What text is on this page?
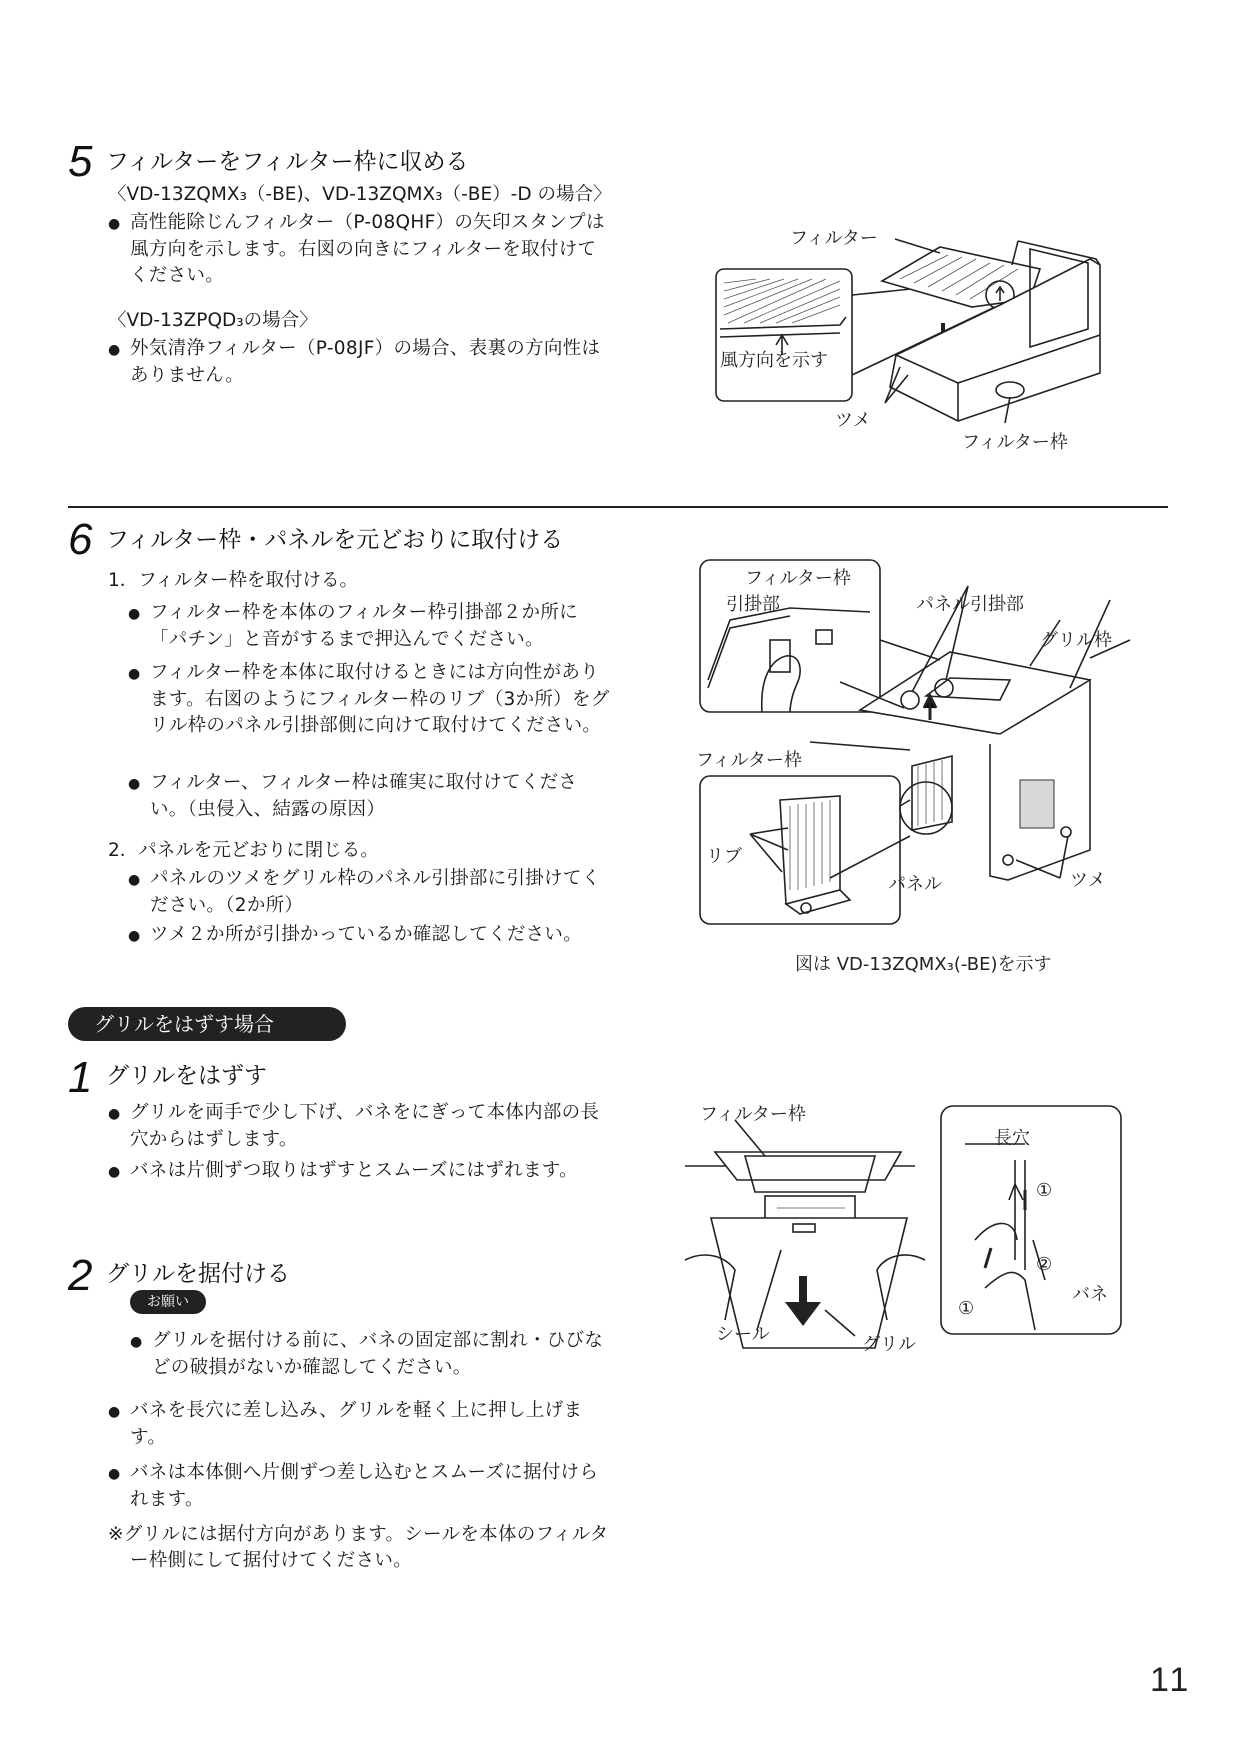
5 フィルターをフィルター枠に収める
〈VD-13ZQMX₃（-BE)、VD-13ZQMX₃（-BE）-D の場合〉
● 高性能除じんフィルター（P-08QHF）の矢印スタンプは風方向を示します。右図の向きにフィルターを取付けてください。
〈VD-13ZPQD₃の場合〉
● 外気清浄フィルター（P-08JF）の場合、表裏の方向性はありません。
フィルター
風方向を示す
ツメ
フィルター枠
6 フィルター枠・パネルを元どおりに取付ける
1．フィルター枠を取付ける。
● フィルター枠を本体のフィルター枠引掛部２か所に「パチン」と音がするまで押込んでください。
● フィルター枠を本体に取付けるときには方向性があります。右図のようにフィルター枠のリブ（3か所）をグリル枠のパネル引掛部側に向けて取付けてください。
● フィルター、フィルター枠は確実に取付けてください。（虫侵入、結露の原因）
2．パネルを元どおりに閉じる。
● パネルのツメをグリル枠のパネル引掛部に引掛けてください。（2か所）
● ツメ２か所が引掛かっているか確認してください。
フィルター枠
引掛部	パネル引掛部
グリル枠
フィルター枠
リブ
パネル	ツメ
図は VD-13ZQMX₃(-BE)を示す
グリルをはずす場合
1 グリルをはずす
● グリルを両手で少し下げ、バネをにぎって本体内部の長穴からはずします。
● バネは片側ずつ取りはずすとスムーズにはずれます。
2 グリルを据付ける
お願い
● グリルを据付ける前に、バネの固定部に割れ・ひびなどの破損がないか確認してください。
● バネを長穴に差し込み、グリルを軽く上に押し上げます。
● バネは本体側へ片側ずつ差し込むとスムーズに据付けられます。
※グリルには据付方向があります。シールを本体のフィルター枠側にして据付けてください。
フィルター枠
長穴
①
②
①
バネ
シール	グリル
11
